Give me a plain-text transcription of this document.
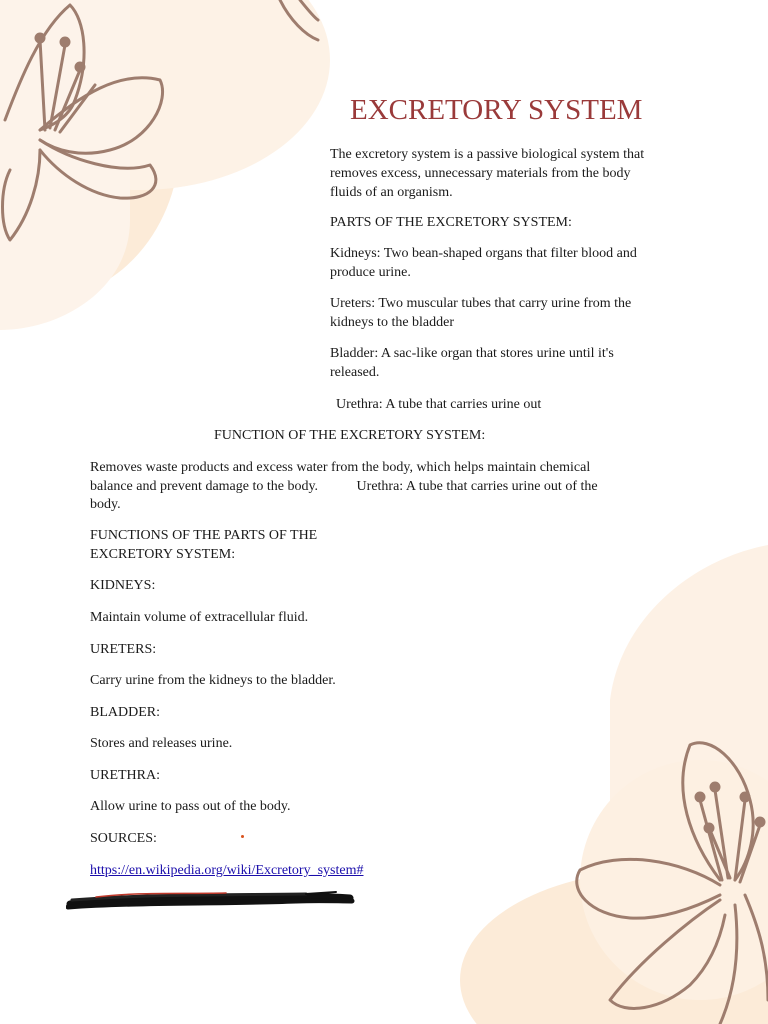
EXCRETORY SYSTEM

The excretory system is a passive biological system that

removes excess, unnecessary materials from the body

fluids of an organism.

PARTS OF THE EXCRETORY SYSTEM:

Kidneys: Two bean-shaped organs that filter blood and

produce urine.

Ureters: Two muscular tubes that carry urine from the

kidneys to the bladder

Bladder: A sac-like organ that stores urine until it's

released.

Urethra: A tube that carries urine out

FUNCTION OF THE EXCRETORY SYSTEM:

Removes waste products and excess water from the body, which helps maintain chemical

balance and prevent damage to the body.           Urethra: A tube that carries urine out of the

body.

FUNCTIONS OF THE PARTS OF THE

EXCRETORY SYSTEM:

KIDNEYS:

Maintain volume of extracellular fluid.

URETERS:

Carry urine from the kidneys to the bladder.

BLADDER:

Stores and releases urine.

URETHRA:

Allow urine to pass out of the body.

SOURCES:

https://en.wikipedia.org/wiki/Excretory_system#
